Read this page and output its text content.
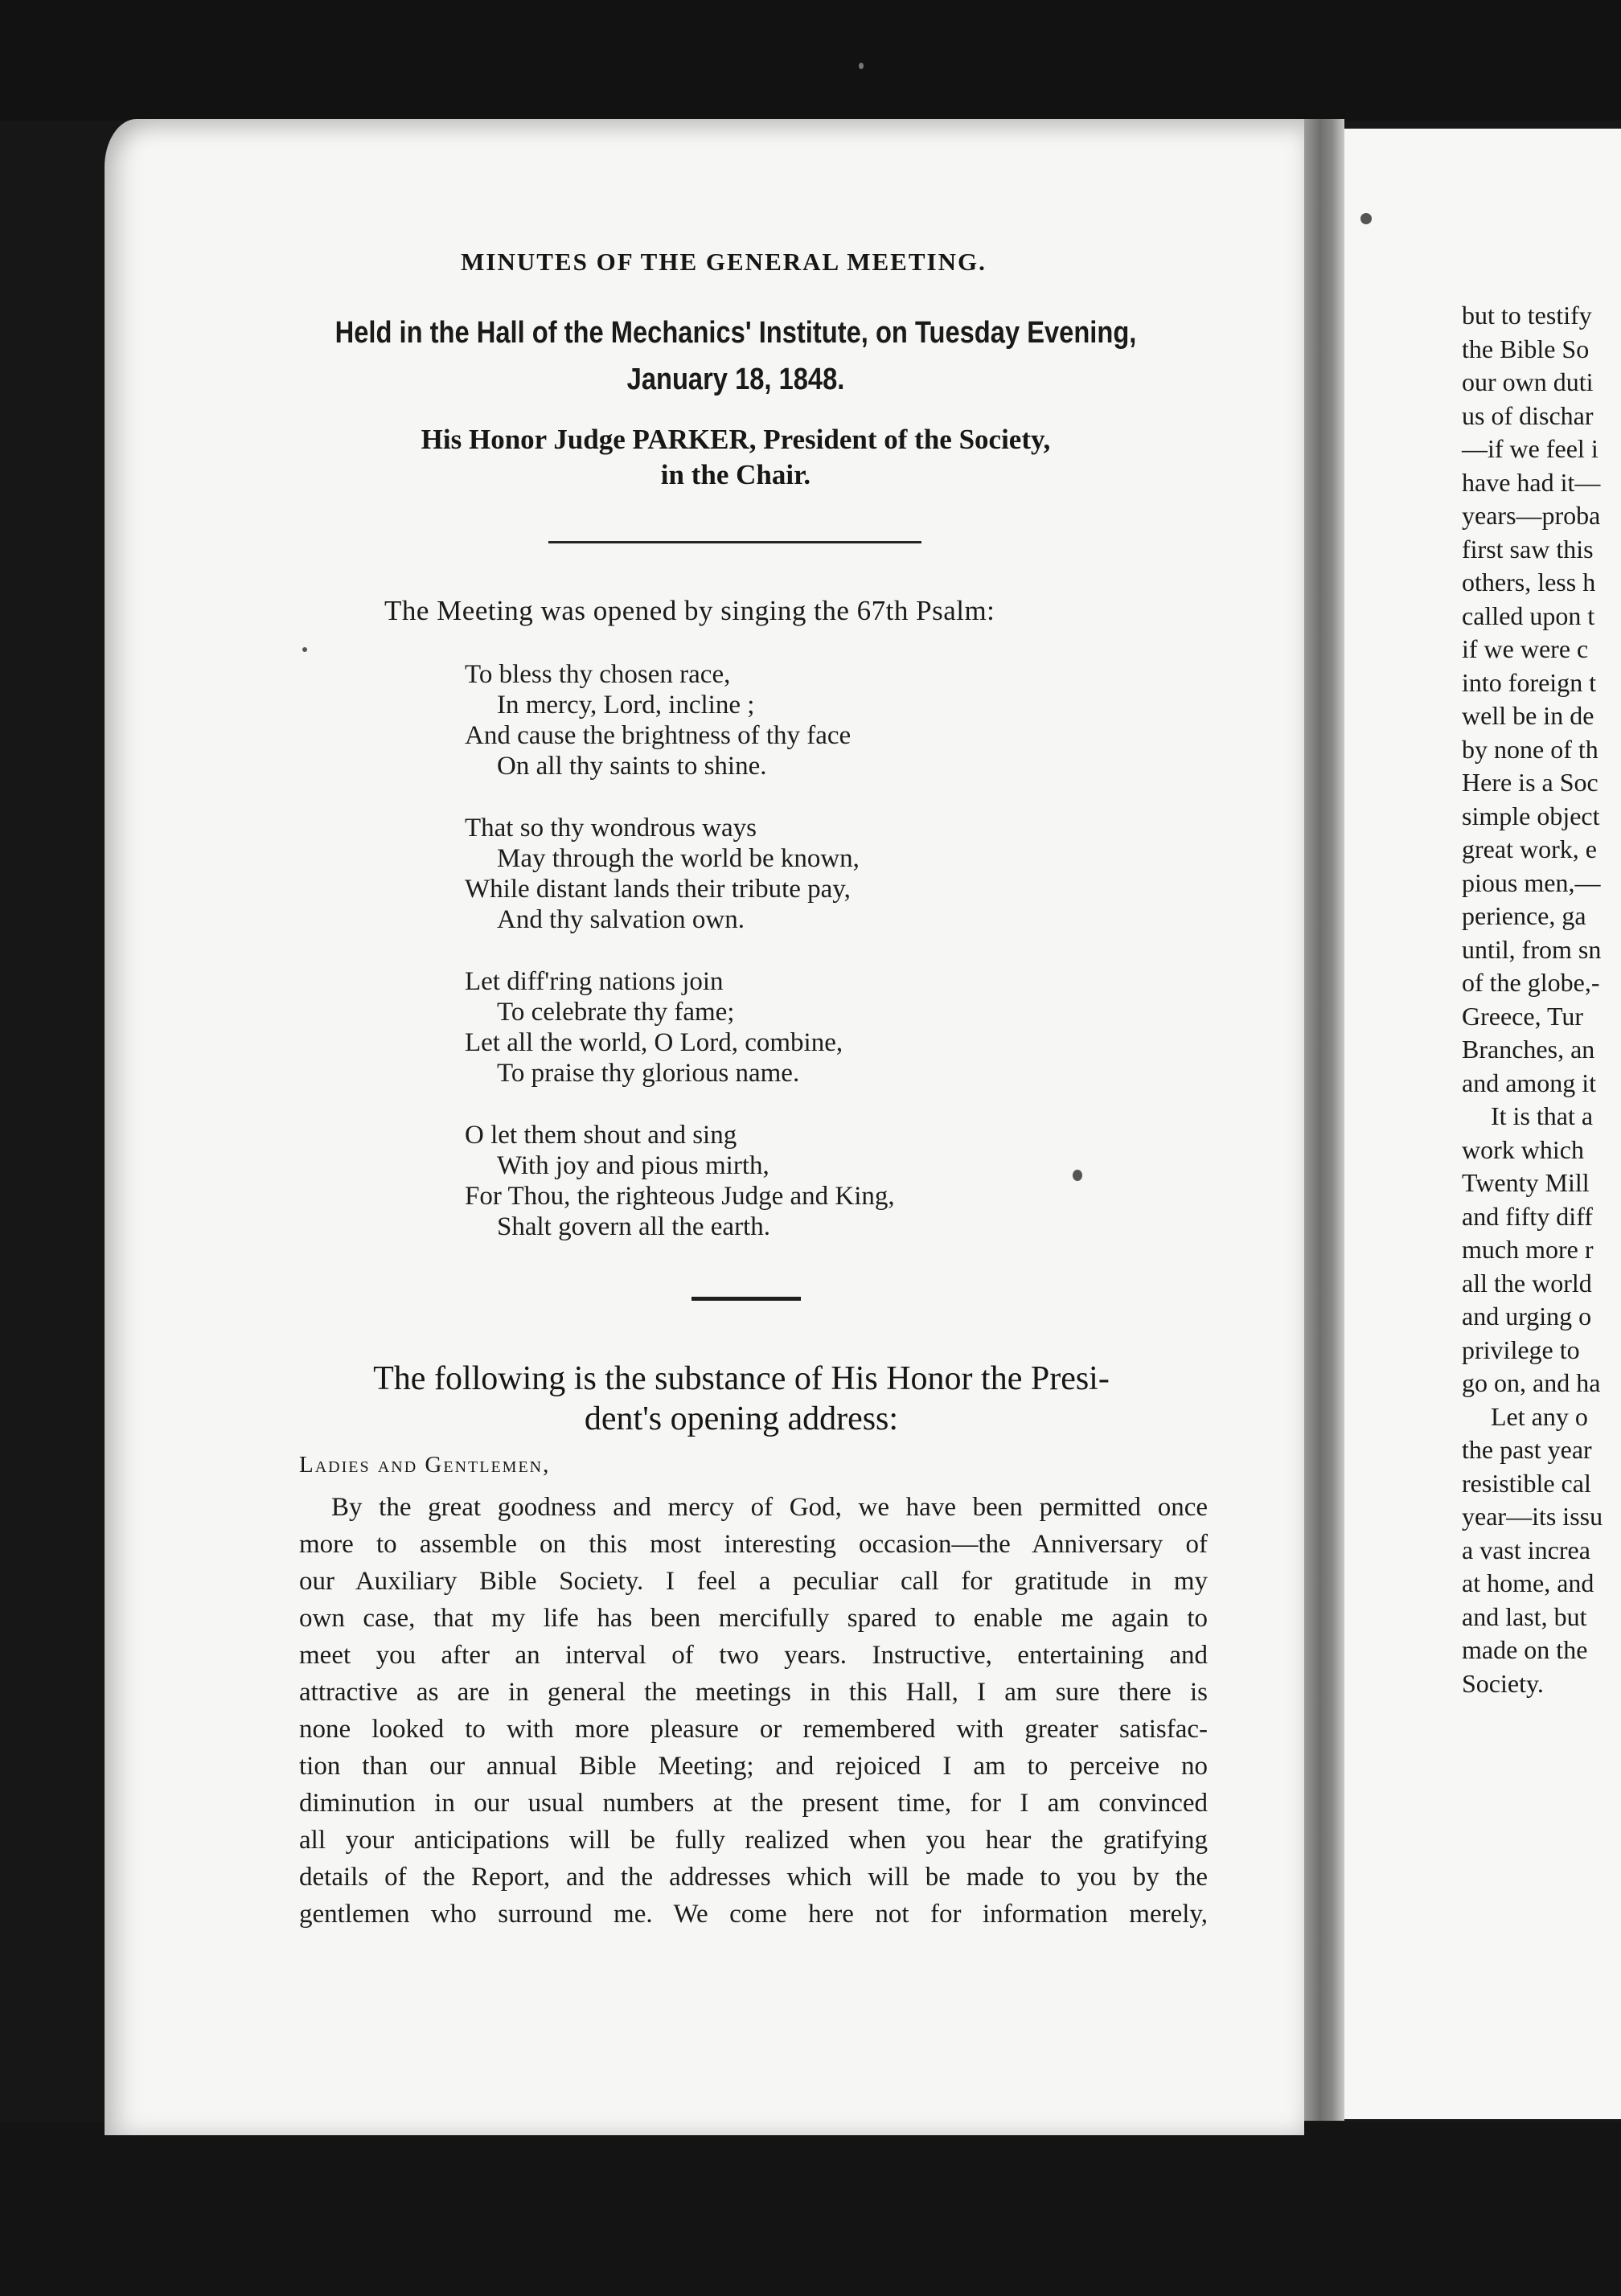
MINUTES OF THE GENERAL MEETING.
Held in the Hall of the Mechanics' Institute, on Tuesday Evening,
January 18, 1848.
His Honor Judge PARKER, President of the Society,
in the Chair.
The Meeting was opened by singing the 67th Psalm:
To bless thy chosen race,
In mercy, Lord, incline ;
And cause the brightness of thy face
On all thy saints to shine.
That so thy wondrous ways
May through the world be known,
While distant lands their tribute pay,
And thy salvation own.
Let diff'ring nations join
To celebrate thy fame;
Let all the world, O Lord, combine,
To praise thy glorious name.
O let them shout and sing
With joy and pious mirth,
For Thou, the righteous Judge and King,
Shalt govern all the earth.
The following is the substance of His Honor the Presi-
dent's opening address:
Ladies and Gentlemen,
By the great goodness and mercy of God, we have been permitted once
more to assemble on this most interesting occasion—the Anniversary of
our Auxiliary Bible Society. I feel a peculiar call for gratitude in my
own case, that my life has been mercifully spared to enable me again to
meet you after an interval of two years. Instructive, entertaining and
attractive as are in general the meetings in this Hall, I am sure there is
none looked to with more pleasure or remembered with greater satisfac-
tion than our annual Bible Meeting; and rejoiced I am to perceive no
diminution in our usual numbers at the present time, for I am convinced
all your anticipations will be fully realized when you hear the gratifying
details of the Report, and the addresses which will be made to you by the
gentlemen who surround me. We come here not for information merely,
but to testify
the Bible So
our own duti
us of dischar
—if we feel i
have had it—
years—proba
first saw this
others, less h
called upon t
if we were c
into foreign t
well be in de
by none of th
Here is a Soc
simple object
great work, e
pious men,—
perience, ga
until, from sn
of the globe,-
Greece, Tur
Branches, an
and among it
It is that a
work which
Twenty Mill
and fifty diff
much more r
all the world
and urging o
privilege to
go on, and ha
Let any o
the past year
resistible cal
year—its issu
a vast increa
at home, and
and last, but
made on the
Society.
